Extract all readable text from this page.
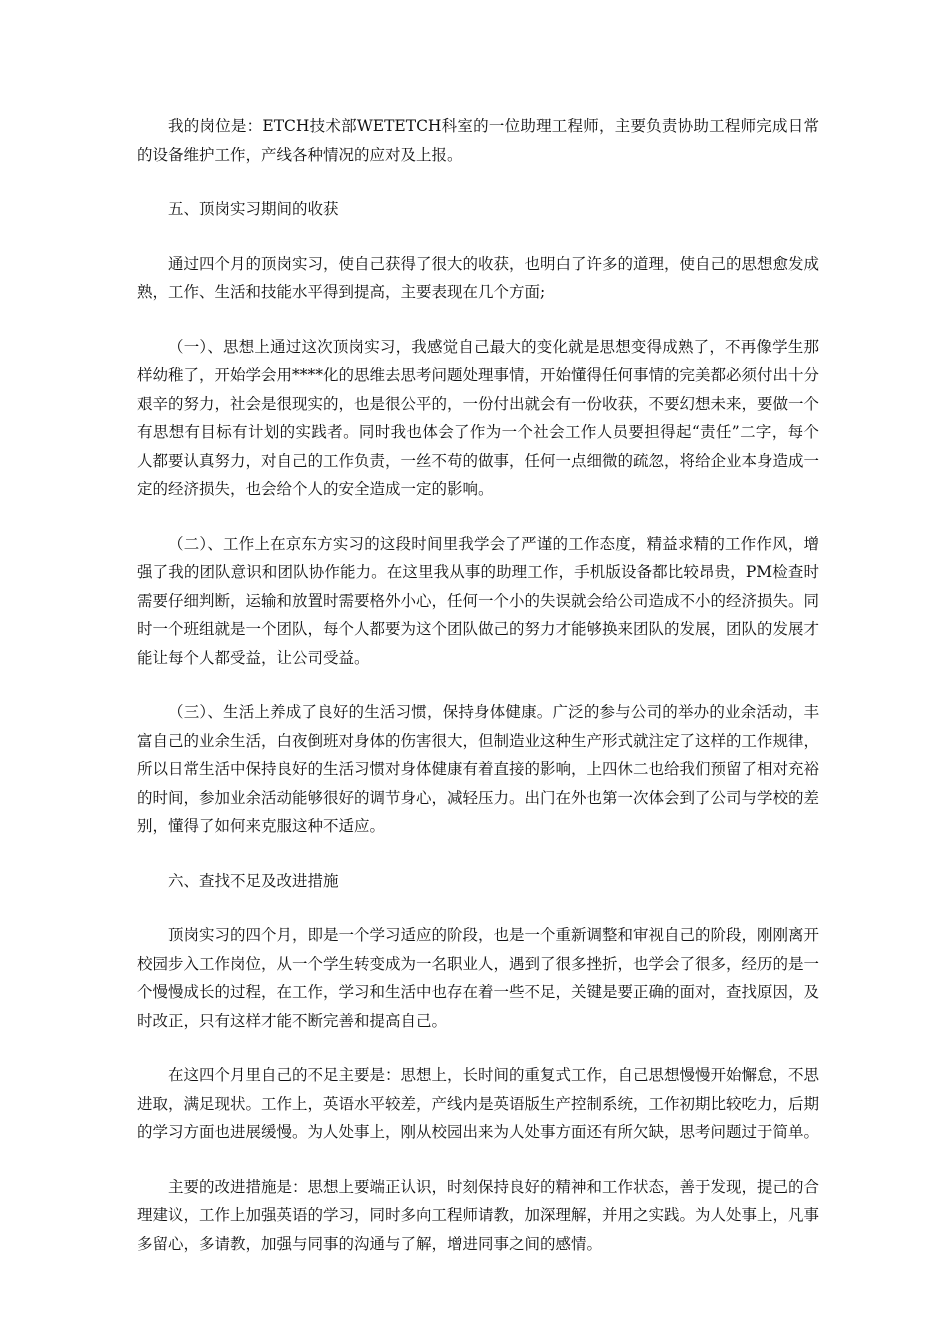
我的岗位是：ETCH技术部WETETCH科室的一位助理工程师，主要负责协助工程师完成日常的设备维护工作，产线各种情况的应对及上报。

五、顶岗实习期间的收获

通过四个月的顶岗实习，使自己获得了很大的收获，也明白了许多的道理，使自己的思想愈发成熟，工作、生活和技能水平得到提高，主要表现在几个方面;

（一）、思想上通过这次顶岗实习，我感觉自己最大的变化就是思想变得成熟了，不再像学生那样幼稚了，开始学会用****化的思维去思考问题处理事情，开始懂得任何事情的完美都必须付出十分艰辛的努力，社会是很现实的，也是很公平的，一份付出就会有一份收获，不要幻想未来，要做一个有思想有目标有计划的实践者。同时我也体会了作为一个社会工作人员要担得起“责任”二字，每个人都要认真努力，对自己的工作负责，一丝不苟的做事，任何一点细微的疏忽，将给企业本身造成一定的经济损失，也会给个人的安全造成一定的影响。

（二）、工作上在京东方实习的这段时间里我学会了严谨的工作态度，精益求精的工作作风，增强了我的团队意识和团队协作能力。在这里我从事的助理工作，手机版设备都比较昂贵，PM检查时需要仔细判断，运输和放置时需要格外小心，任何一个小的失误就会给公司造成不小的经济损失。同时一个班组就是一个团队，每个人都要为这个团队做己的努力才能够换来团队的发展，团队的发展才能让每个人都受益，让公司受益。

（三）、生活上养成了良好的生活习惯，保持身体健康。广泛的参与公司的举办的业余活动，丰富自己的业余生活，白夜倒班对身体的伤害很大，但制造业这种生产形式就注定了这样的工作规律，所以日常生活中保持良好的生活习惯对身体健康有着直接的影响，上四休二也给我们预留了相对充裕的时间，参加业余活动能够很好的调节身心，减轻压力。出门在外也第一次体会到了公司与学校的差别，懂得了如何来克服这种不适应。

六、查找不足及改进措施

顶岗实习的四个月，即是一个学习适应的阶段，也是一个重新调整和审视自己的阶段，刚刚离开校园步入工作岗位，从一个学生转变成为一名职业人，遇到了很多挫折，也学会了很多，经历的是一个慢慢成长的过程，在工作，学习和生活中也存在着一些不足，关键是要正确的面对，查找原因，及时改正，只有这样才能不断完善和提高自己。

在这四个月里自己的不足主要是：思想上，长时间的重复式工作，自己思想慢慢开始懈怠，不思进取，满足现状。工作上，英语水平较差，产线内是英语版生产控制系统，工作初期比较吃力，后期的学习方面也进展缓慢。为人处事上，刚从校园出来为人处事方面还有所欠缺，思考问题过于简单。

主要的改进措施是：思想上要端正认识，时刻保持良好的精神和工作状态，善于发现，提己的合理建议，工作上加强英语的学习，同时多向工程师请教，加深理解，并用之实践。为人处事上，凡事多留心，多请教，加强与同事的沟通与了解，增进同事之间的感情。
